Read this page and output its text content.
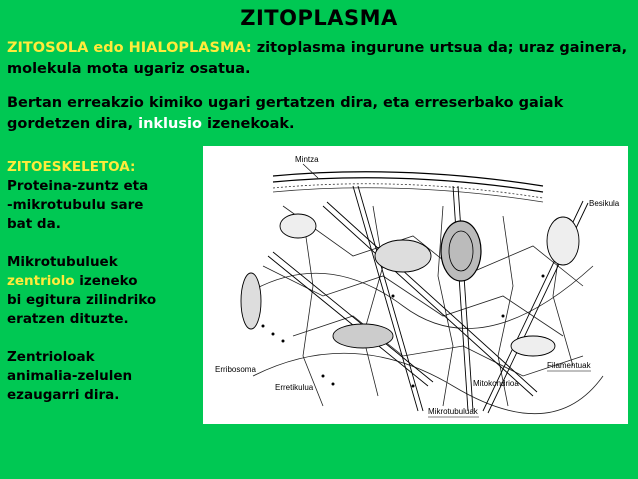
ZITOPLASMA
ZITOSOLA edo HIALOPLASMA: zitoplasma ingurune urtsua da; uraz gainera, molekula mota ugariz osatua.
Bertan erreakzio kimiko ugari gertatzen dira, eta erreserbako gaiak gordetzen dira, inklusio izenekoak.
ZITOESKELETOA:
Proteina-zuntz eta
-mikrotubulu sare
bat da.
Mikrotubuluek
zentriolo izeneko
bi egitura zilindriko
eratzen dituzte.
Zentrioloak
animalia-zelulen
ezaugarri dira.
Mintza
Besikula
Erribosoma
Erretikulua	Mitokondrioa
Filamentuak
Mikrotubuluak
